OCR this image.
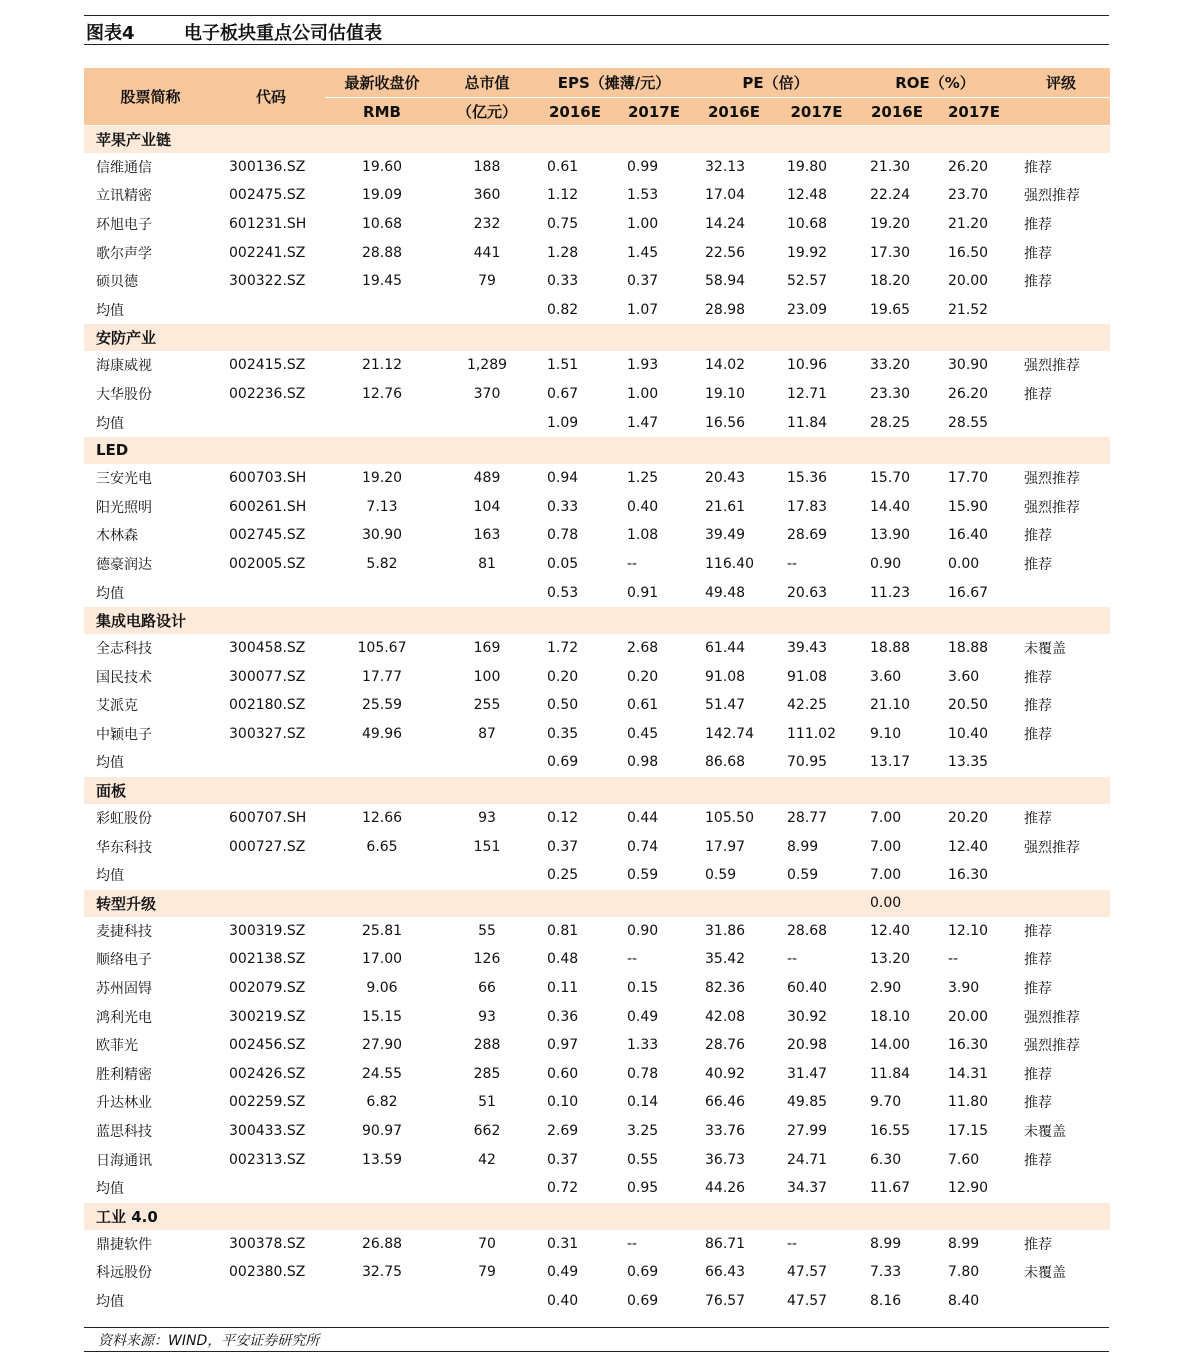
图表4	电子板块重点公司估值表
股票简称	代码	最新收盘价	总市值	EPS（摊薄/元）		PE（倍）		ROE（%）		评级
		RMB	（亿元）	2016E	2017E	2016E	2017E	2016E	2017E	
苹果产业链										
信维通信	300136.SZ	19.60	188	0.61	0.99	32.13	19.80	21.30	26.20	推荐
立讯精密	002475.SZ	19.09	360	1.12	1.53	17.04	12.48	22.24	23.70	强烈推荐
环旭电子	601231.SH	10.68	232	0.75	1.00	14.24	10.68	19.20	21.20	推荐
歌尔声学	002241.SZ	28.88	441	1.28	1.45	22.56	19.92	17.30	16.50	推荐
硕贝德	300322.SZ	19.45	79	0.33	0.37	58.94	52.57	18.20	20.00	推荐
均值				0.82	1.07	28.98	23.09	19.65	21.52	
安防产业										
海康威视	002415.SZ	21.12	1,289	1.51	1.93	14.02	10.96	33.20	30.90	强烈推荐
大华股份	002236.SZ	12.76	370	0.67	1.00	19.10	12.71	23.30	26.20	推荐
均值				1.09	1.47	16.56	11.84	28.25	28.55	
LED										
三安光电	600703.SH	19.20	489	0.94	1.25	20.43	15.36	15.70	17.70	强烈推荐
阳光照明	600261.SH	7.13	104	0.33	0.40	21.61	17.83	14.40	15.90	强烈推荐
木林森	002745.SZ	30.90	163	0.78	1.08	39.49	28.69	13.90	16.40	推荐
德豪润达	002005.SZ	5.82	81	0.05	--	116.40	--	0.90	0.00	推荐
均值				0.53	0.91	49.48	20.63	11.23	16.67	
集成电路设计										
全志科技	300458.SZ	105.67	169	1.72	2.68	61.44	39.43	18.88	18.88	未覆盖
国民技术	300077.SZ	17.77	100	0.20	0.20	91.08	91.08	3.60	3.60	推荐
艾派克	002180.SZ	25.59	255	0.50	0.61	51.47	42.25	21.10	20.50	推荐
中颖电子	300327.SZ	49.96	87	0.35	0.45	142.74	111.02	9.10	10.40	推荐
均值				0.69	0.98	86.68	70.95	13.17	13.35	
面板										
彩虹股份	600707.SH	12.66	93	0.12	0.44	105.50	28.77	7.00	20.20	推荐
华东科技	000727.SZ	6.65	151	0.37	0.74	17.97	8.99	7.00	12.40	强烈推荐
均值				0.25	0.59	0.59	0.59	7.00	16.30	
转型升级								0.00		
麦捷科技	300319.SZ	25.81	55	0.81	0.90	31.86	28.68	12.40	12.10	推荐
顺络电子	002138.SZ	17.00	126	0.48	--	35.42	--	13.20	--	推荐
苏州固锝	002079.SZ	9.06	66	0.11	0.15	82.36	60.40	2.90	3.90	推荐
鸿利光电	300219.SZ	15.15	93	0.36	0.49	42.08	30.92	18.10	20.00	强烈推荐
欧菲光	002456.SZ	27.90	288	0.97	1.33	28.76	20.98	14.00	16.30	强烈推荐
胜利精密	002426.SZ	24.55	285	0.60	0.78	40.92	31.47	11.84	14.31	推荐
升达林业	002259.SZ	6.82	51	0.10	0.14	66.46	49.85	9.70	11.80	推荐
蓝思科技	300433.SZ	90.97	662	2.69	3.25	33.76	27.99	16.55	17.15	未覆盖
日海通讯	002313.SZ	13.59	42	0.37	0.55	36.73	24.71	6.30	7.60	推荐
均值				0.72	0.95	44.26	34.37	11.67	12.90	
工业 4.0										
鼎捷软件	300378.SZ	26.88	70	0.31	--	86.71	--	8.99	8.99	推荐
科远股份	002380.SZ	32.75	79	0.49	0.69	66.43	47.57	7.33	7.80	未覆盖
均值				0.40	0.69	76.57	47.57	8.16	8.40	
资料来源：WIND，平安证券研究所
